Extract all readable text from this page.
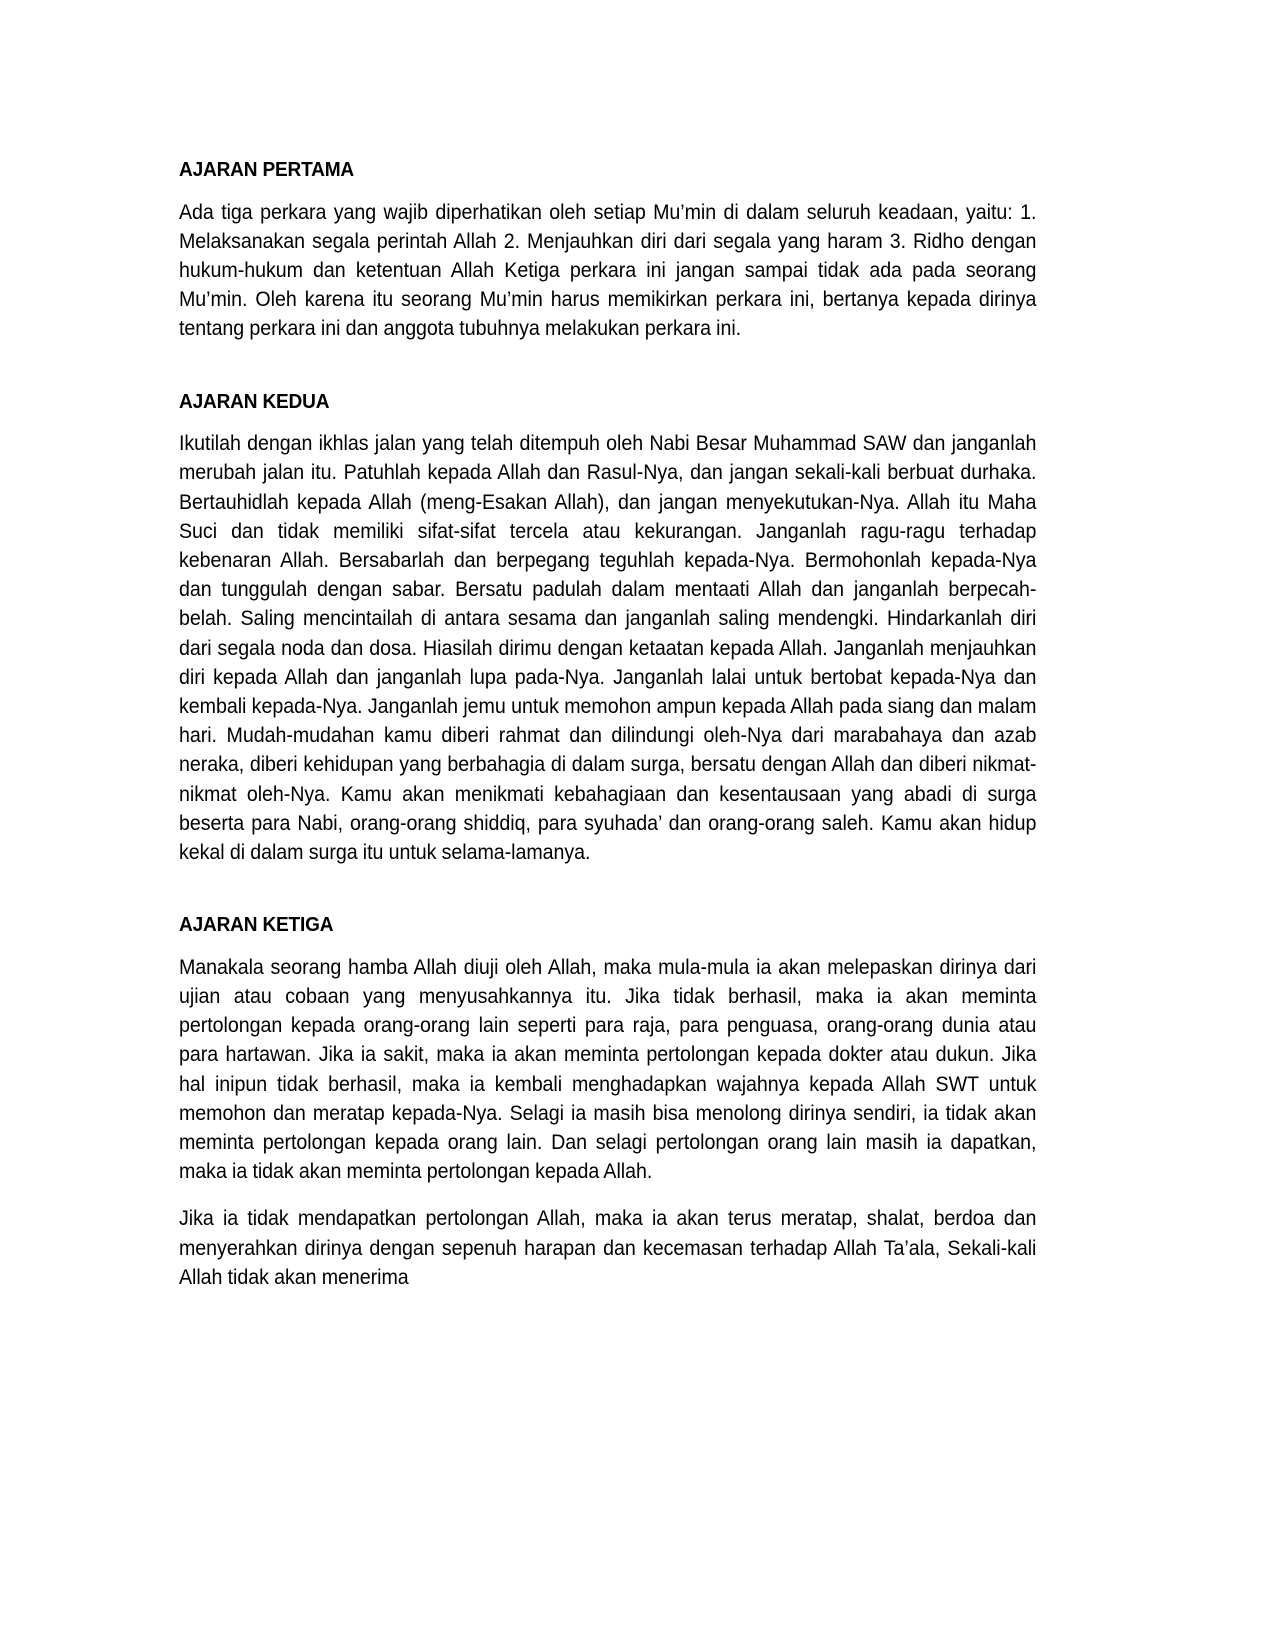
AJARAN PERTAMA

Ada tiga perkara yang wajib diperhatikan oleh setiap Mu’min di dalam seluruh keadaan, yaitu: 1. Melaksanakan segala perintah Allah 2. Menjauhkan diri dari segala yang haram 3. Ridho dengan hukum-hukum dan ketentuan Allah Ketiga perkara ini jangan sampai tidak ada pada seorang Mu’min. Oleh karena itu seorang Mu’min harus memikirkan perkara ini, bertanya kepada dirinya tentang perkara ini dan anggota tubuhnya melakukan perkara ini.

AJARAN KEDUA

Ikutilah dengan ikhlas jalan yang telah ditempuh oleh Nabi Besar Muhammad SAW dan janganlah merubah jalan itu. Patuhlah kepada Allah dan Rasul-Nya, dan jangan sekali-kali berbuat durhaka. Bertauhidlah kepada Allah (meng-Esakan Allah), dan jangan menyekutukan-Nya. Allah itu Maha Suci dan tidak memiliki sifat-sifat tercela atau kekurangan. Janganlah ragu-ragu terhadap kebenaran Allah. Bersabarlah dan berpegang teguhlah kepada-Nya. Bermohonlah kepada-Nya dan tunggulah dengan sabar. Bersatu padulah dalam mentaati Allah dan janganlah berpecah-belah. Saling mencintailah di antara sesama dan janganlah saling mendengki. Hindarkanlah diri dari segala noda dan dosa. Hiasilah dirimu dengan ketaatan kepada Allah. Janganlah menjauhkan diri kepada Allah dan janganlah lupa pada-Nya. Janganlah lalai untuk bertobat kepada-Nya dan kembali kepada-Nya. Janganlah jemu untuk memohon ampun kepada Allah pada siang dan malam hari. Mudah-mudahan kamu diberi rahmat dan dilindungi oleh-Nya dari marabahaya dan azab neraka, diberi kehidupan yang berbahagia di dalam surga, bersatu dengan Allah dan diberi nikmat-nikmat oleh-Nya. Kamu akan menikmati kebahagiaan dan kesentausaan yang abadi di surga beserta para Nabi, orang-orang shiddiq, para syuhada’ dan orang-orang saleh. Kamu akan hidup kekal di dalam surga itu untuk selama-lamanya.

AJARAN KETIGA

Manakala seorang hamba Allah diuji oleh Allah, maka mula-mula ia akan melepaskan dirinya dari ujian atau cobaan yang menyusahkannya itu. Jika tidak berhasil, maka ia akan meminta pertolongan kepada orang-orang lain seperti para raja, para penguasa, orang-orang dunia atau para hartawan. Jika ia sakit, maka ia akan meminta pertolongan kepada dokter atau dukun. Jika hal inipun tidak berhasil, maka ia kembali menghadapkan wajahnya kepada Allah SWT untuk memohon dan meratap kepada-Nya. Selagi ia masih bisa menolong dirinya sendiri, ia tidak akan meminta pertolongan kepada orang lain. Dan selagi pertolongan orang lain masih ia dapatkan, maka ia tidak akan meminta pertolongan kepada Allah.

Jika ia tidak mendapatkan pertolongan Allah, maka ia akan terus meratap, shalat, berdoa dan menyerahkan dirinya dengan sepenuh harapan dan kecemasan terhadap Allah Ta’ala, Sekali-kali Allah tidak akan menerima
